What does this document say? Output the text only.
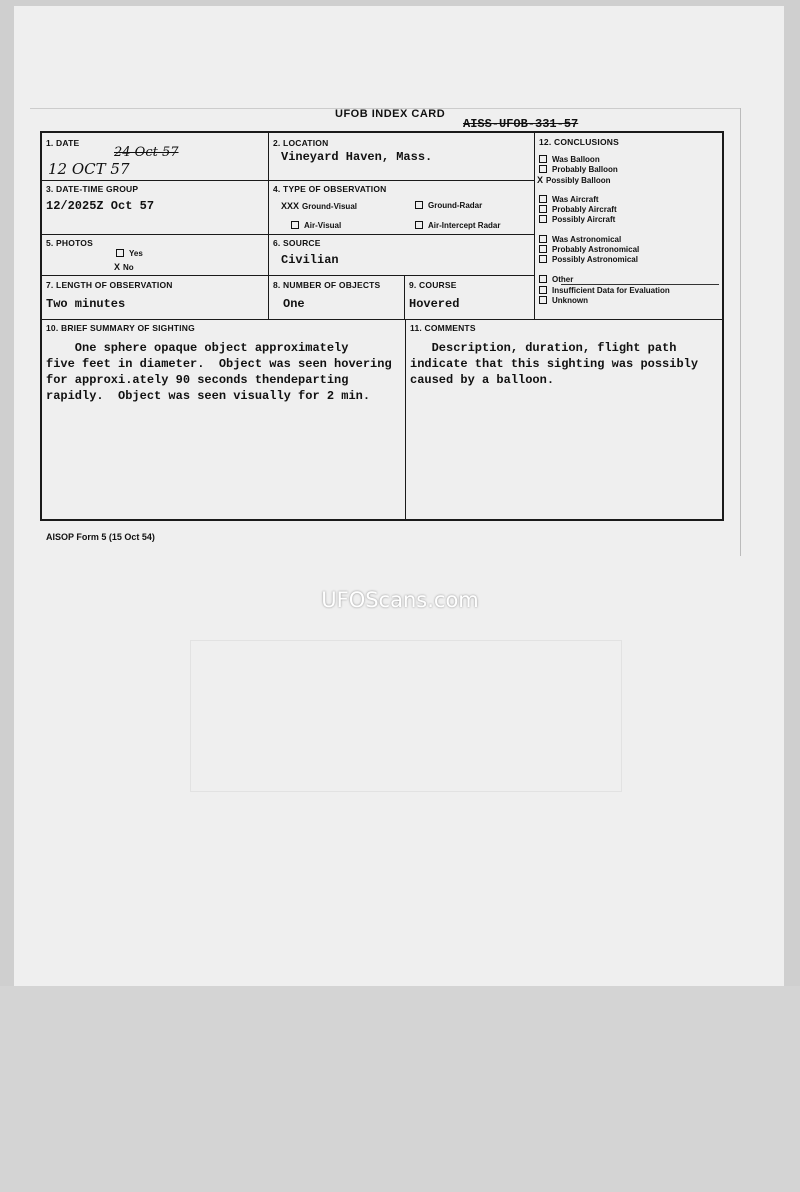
UFOB INDEX CARD
AISS-UFOB-331-57
1. DATE
24 Oct 57
12 OCT 57
2. LOCATION
Vineyard Haven, Mass.
3. DATE-TIME GROUP
12/2025Z Oct 57
4. TYPE OF OBSERVATION
XXX Ground-Visual	Ground-Radar
Air-Visual	Air-Intercept Radar
5. PHOTOS
Yes
X No
6. SOURCE
Civilian
7. LENGTH OF OBSERVATION
Two minutes
8. NUMBER OF OBJECTS
One
9. COURSE
Hovered
12. CONCLUSIONS
Was Balloon
Probably Balloon
X Possibly Balloon
Was Aircraft
Probably Aircraft
Possibly Aircraft
Was Astronomical
Probably Astronomical
Possibly Astronomical
Other
Insufficient Data for Evaluation
Unknown
10. BRIEF SUMMARY OF SIGHTING
One sphere opaque object approximately
five feet in diameter.  Object was seen hovering
for approxi.ately 90 seconds thendeparting
rapidly.  Object was seen visually for 2 min.
11. COMMENTS
Description, duration, flight path
indicate that this sighting was possibly
caused by a balloon.
AISOP Form 5 (15 Oct 54)
UFOScans.com
